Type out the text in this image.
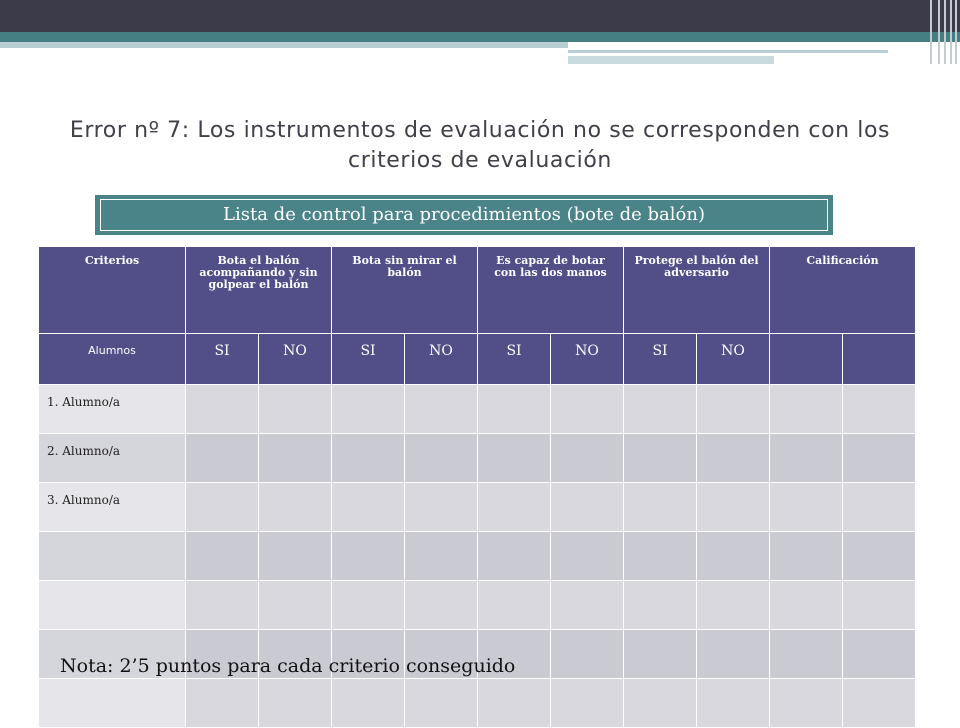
Error nº 7: Los instrumentos de evaluación no se corresponden con los
criterios de evaluación
Lista de control para procedimientos (bote de balón)
Criterios	Bota el balón acompañando y sin golpear el balón		Bota sin mirar el balón		Es capaz de botar con las dos manos		Protege el balón del adversario		Calificación	
Alumnos	SI	NO	SI	NO	SI	NO	SI	NO		
1. Alumno/a										
2. Alumno/a										
3. Alumno/a										

Nota: 2’5 puntos para cada criterio conseguido
